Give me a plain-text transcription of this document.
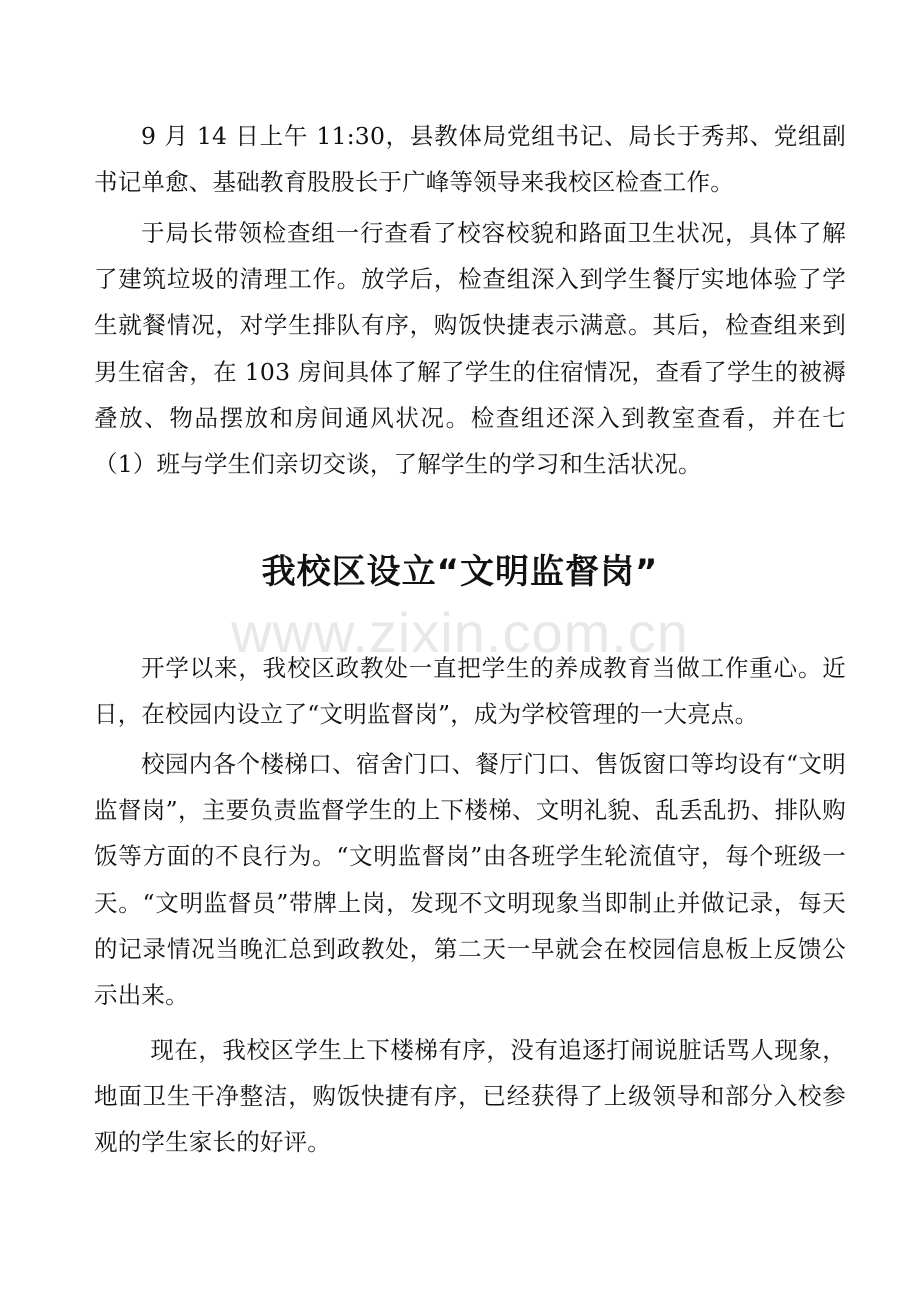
9 月 14 日上午 11:30，县教体局党组书记、局长于秀邦、党组副书记单愈、基础教育股股长于广峰等领导来我校区检查工作。

于局长带领检查组一行查看了校容校貌和路面卫生状况，具体了解了建筑垃圾的清理工作。放学后，检查组深入到学生餐厅实地体验了学生就餐情况，对学生排队有序，购饭快捷表示满意。其后，检查组来到男生宿舍，在 103 房间具体了解了学生的住宿情况，查看了学生的被褥叠放、物品摆放和房间通风状况。检查组还深入到教室查看，并在七（1）班与学生们亲切交谈，了解学生的学习和生活状况。

我校区设立“文明监督岗”
www.zixin.com.cn

开学以来，我校区政教处一直把学生的养成教育当做工作重心。近日，在校园内设立了“文明监督岗”，成为学校管理的一大亮点。

校园内各个楼梯口、宿舍门口、餐厅门口、售饭窗口等均设有“文明监督岗”，主要负责监督学生的上下楼梯、文明礼貌、乱丢乱扔、排队购饭等方面的不良行为。“文明监督岗”由各班学生轮流值守，每个班级一天。“文明监督员”带牌上岗，发现不文明现象当即制止并做记录，每天的记录情况当晚汇总到政教处，第二天一早就会在校园信息板上反馈公示出来。

现在，我校区学生上下楼梯有序，没有追逐打闹说脏话骂人现象，地面卫生干净整洁，购饭快捷有序，已经获得了上级领导和部分入校参观的学生家长的好评。
